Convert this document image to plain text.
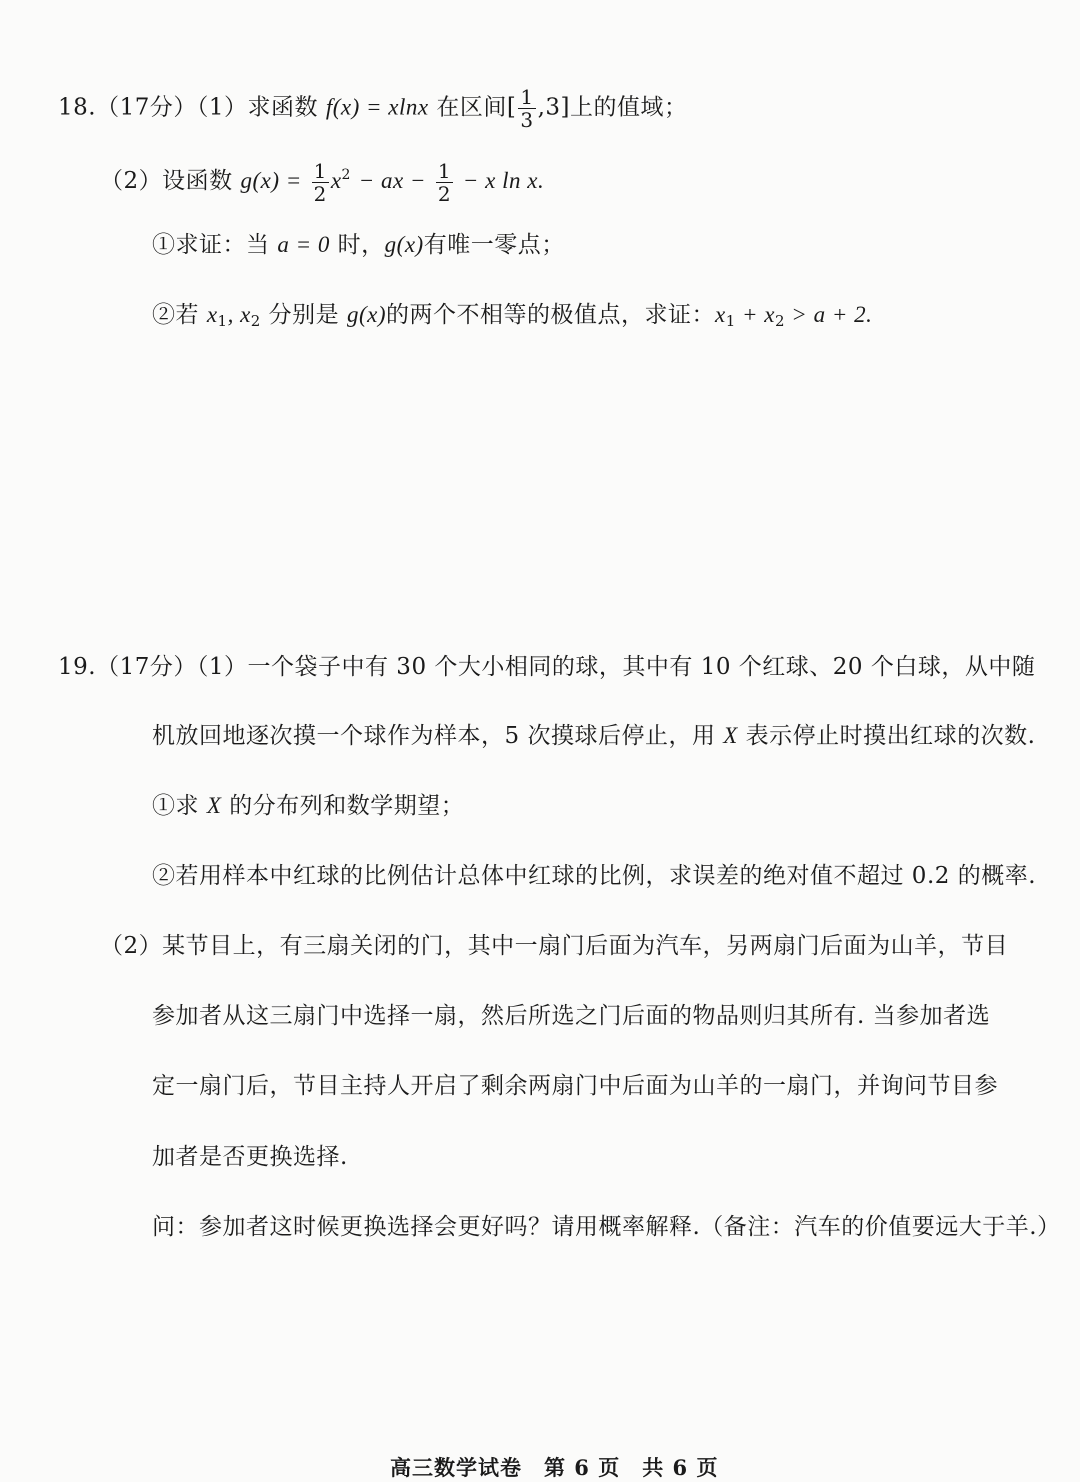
18.（17分）（1）求函数 f(x) = xlnx 在区间[ $\frac{1}{3} ,3$]上的值域；
（2）设函数 $g(x) = \frac{1}{2} x^2$ − ax − $\frac{1}{2} - x$ ln x.
①求证：当 a = 0 时，g(x)有唯一零点；
②若 $x_1$, $x_2$ 分别是 g(x)的两个不相等的极值点，求证：$x_1 + x_2 > a + 2$.
19.（17分）（1）一个袋子中有 30 个大小相同的球，其中有 10 个红球、20 个白球，从中随
机放回地逐次摸一个球作为样本，5 次摸球后停止，用 X 表示停止时摸出红球的次数.
①求 X 的分布列和数学期望；
②若用样本中红球的比例估计总体中红球的比例，求误差的绝对值不超过 0.2 的概率.
（2）某节目上，有三扇关闭的门，其中一扇门后面为汽车，另两扇门后面为山羊，节目
参加者从这三扇门中选择一扇，然后所选之门后面的物品则归其所有. 当参加者选
定一扇门后，节目主持人开启了剩余两扇门中后面为山羊的一扇门，并询问节目参
加者是否更换选择.
问：参加者这时候更换选择会更好吗？请用概率解释.（备注：汽车的价值要远大于羊.）
高三数学试卷　第 6 页　共 6 页
